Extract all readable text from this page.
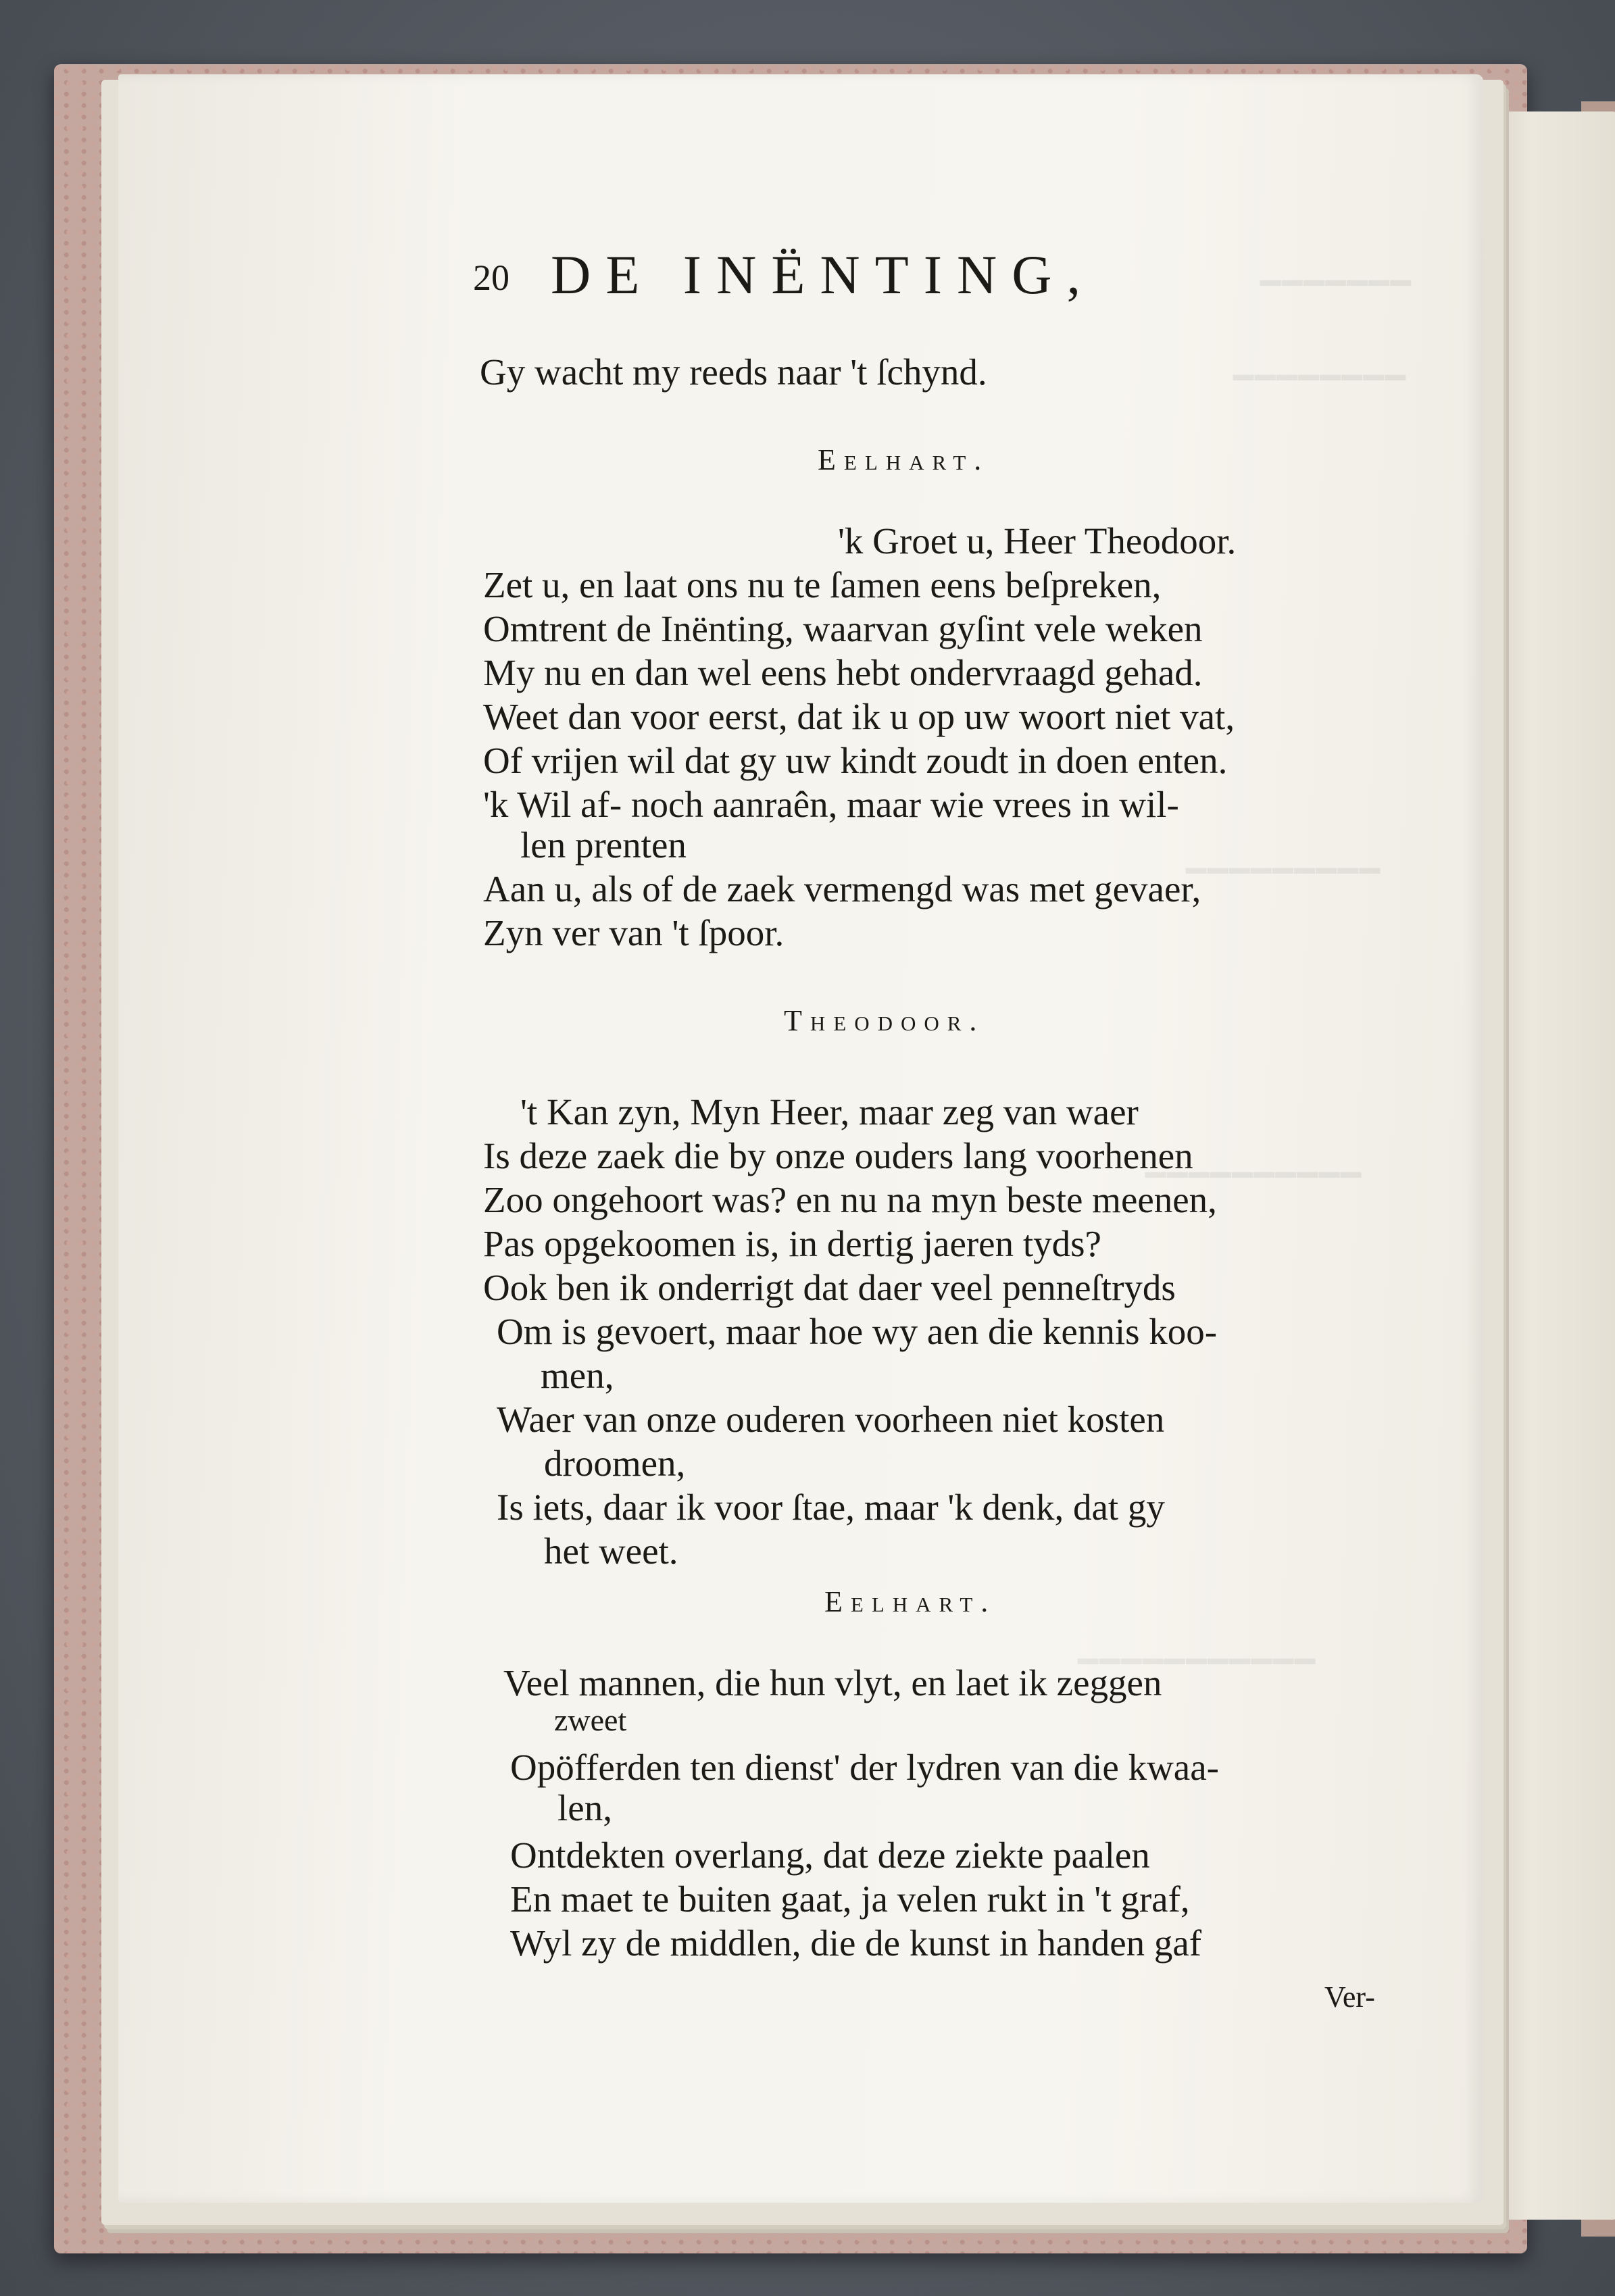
━━━━━━━
━━━━━━━━
━━━━━━━━━
━━━━━━━━━━
━━━━━━━━━━━
20 DE INËNTING,
Gy wacht my reeds naar 't ſchynd.
Eelhart.
'k Groet u, Heer Theodoor.
Zet u, en laat ons nu te ſamen eens beſpreken,
Omtrent de Inënting, waarvan gyſint vele weken
My nu en dan wel eens hebt ondervraagd gehad.
Weet dan voor eerst, dat ik u op uw woort niet vat,
Of vrijen wil dat gy uw kindt zoudt in doen enten.
'k Wil af- noch aanraên, maar wie vrees in wil-
len prenten
Aan u, als of de zaek vermengd was met gevaer,
Zyn ver van 't ſpoor.
Theodoor.
't Kan zyn, Myn Heer, maar zeg van waer
Is deze zaek die by onze ouders lang voorhenen
Zoo ongehoort was? en nu na myn beste meenen,
Pas opgekoomen is, in dertig jaeren tyds?
Ook ben ik onderrigt dat daer veel penneſtryds
Om is gevoert, maar hoe wy aen die kennis koo-
men,
Waer van onze ouderen voorheen niet kosten
droomen,
Is iets, daar ik voor ſtae, maar 'k denk, dat gy
het weet.
Eelhart.
Veel mannen, die hun vlyt, en laet ik zeggen
zweet
Opöfferden ten dienst' der lydren van die kwaa-
len,
Ontdekten overlang, dat deze ziekte paalen
En maet te buiten gaat, ja velen rukt in 't graf,
Wyl zy de middlen, die de kunst in handen gaf
Ver-
